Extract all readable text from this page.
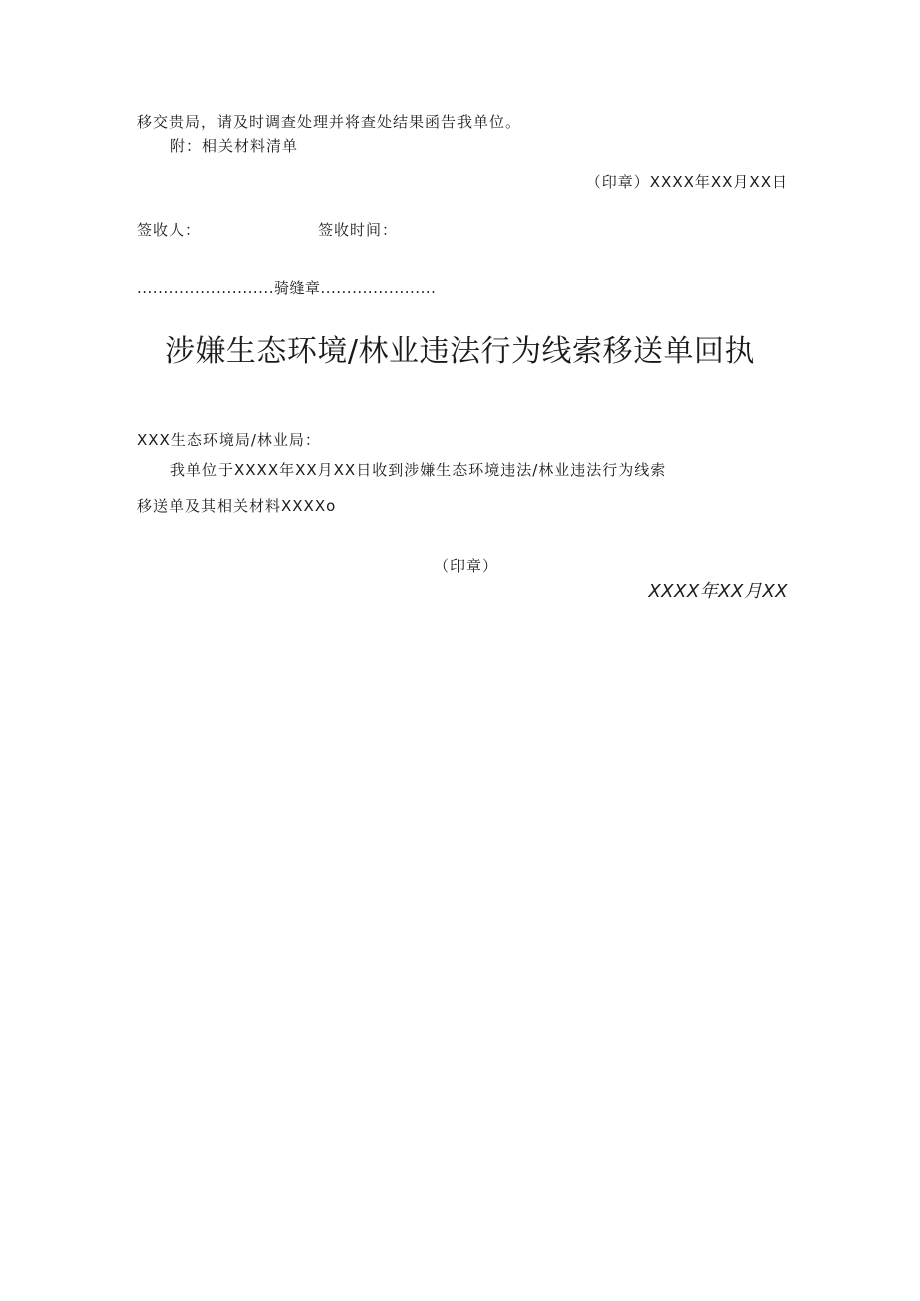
移交贵局，请及时调查处理并将查处结果函告我单位。
附：相关材料清单
（印章）XXXX年XX月XX日
签收人：	签收时间：
..........................骑缝章......................
涉嫌生态环境/林业违法行为线索移送单回执
XXX生态环境局/林业局：
我单位于XXXX年XX月XX日收到涉嫌生态环境违法/林业违法行为线索
移送单及其相关材料XXXXo
（印章）
XXXX年XX月XX
